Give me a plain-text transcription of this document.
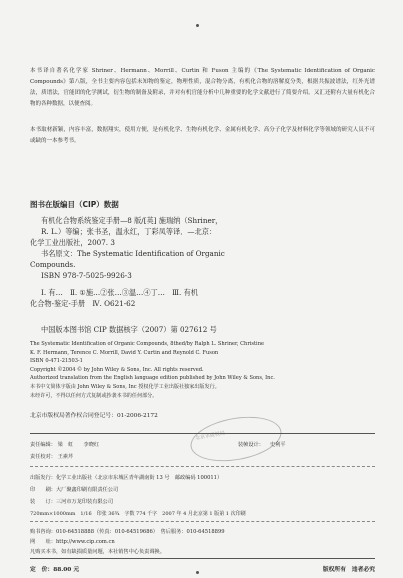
本书译自著名化学家 Shriner、Hermann、Morrill、Curtin 和 Fuson 主编的《The Systematic Identification of Organic Compounds》第八版，全书主要内容包括未知物的鉴定，物理性质，混合物分离，有机化合物的溶解度分类，根据共振波谱法，红外光谱法，质谱法，官能团的化学测试，衍生物的制备及附录，并对有机官能分析中几种重要的化学文献进行了简要介绍。又汇还附有大量有机化合物的各种数据，以便查阅。
本书取材新颖，内容丰富，数据翔实，使用方便，是有机化学、生物有机化学、金属有机化学、高分子化学及材料化学等领域的研究人员不可或缺的一本参考书。
图书在版编目（CIP）数据
有机化合物系统鉴定手册—8 版/[英] 施瑞纳（Shriner，
R. L.）等编；张书圣，温永红，丁彩凤等译．—北京：
化学工业出版社，2007. 3
书名原文：The Systematic Identification of Organic
Compounds.
ISBN 978-7-5025-9926-3
Ⅰ. 有…　Ⅱ. ①施…②张…③温…④丁…　Ⅲ. 有机
化合物-鉴定-手册　Ⅳ. O621-62
中国版本图书馆 CIP 数据核字（2007）第 027612 号
The Systematic Identification of Organic Compounds, 8thed/by Ralph L. Shriner, Christine
K. F. Hermann, Terence C. Morrill, David Y. Curtin and Reynold C. Fuson
ISBN 0-471-21503-1
Copyright ©2004 © by John Wiley & Sons, Inc. All rights reserved.
Authorized translation from the English language edition published by John Wiley & Sons, Inc.
本书中文简体字版由 John Wiley & Sons, Inc 授权化学工业出版社独家出版发行。
未经许可，不得以任何方式复制或抄袭本书的任何部分。
北京市版权局著作权合同登记号：01-2006-2172
北京市版权局
责任编辑： 梁　虹　　李晓红	装帧设计： 史利平
责任校对： 王素芹
出版发行：化学工业出版社（北京市东城区青年湖南街 13 号　邮政编码 100011）
印　　刷：大厂聚鑫印刷有限责任公司
装　　订：三河市万龙印装有限公司
720mm×1000mm　1/16　印张 36¾　字数 774 千字　2007 年 4 月北京第 1 版第 1 次印刷
购书咨询：010-64518888（传真：010-64519686）　售后服务：010-64518899
网　　址：http://www.cip.com.cn
凡购买本书，如有缺损质量问题，本社销售中心负责调换。
定　价：88.00 元	版权所有　违者必究
